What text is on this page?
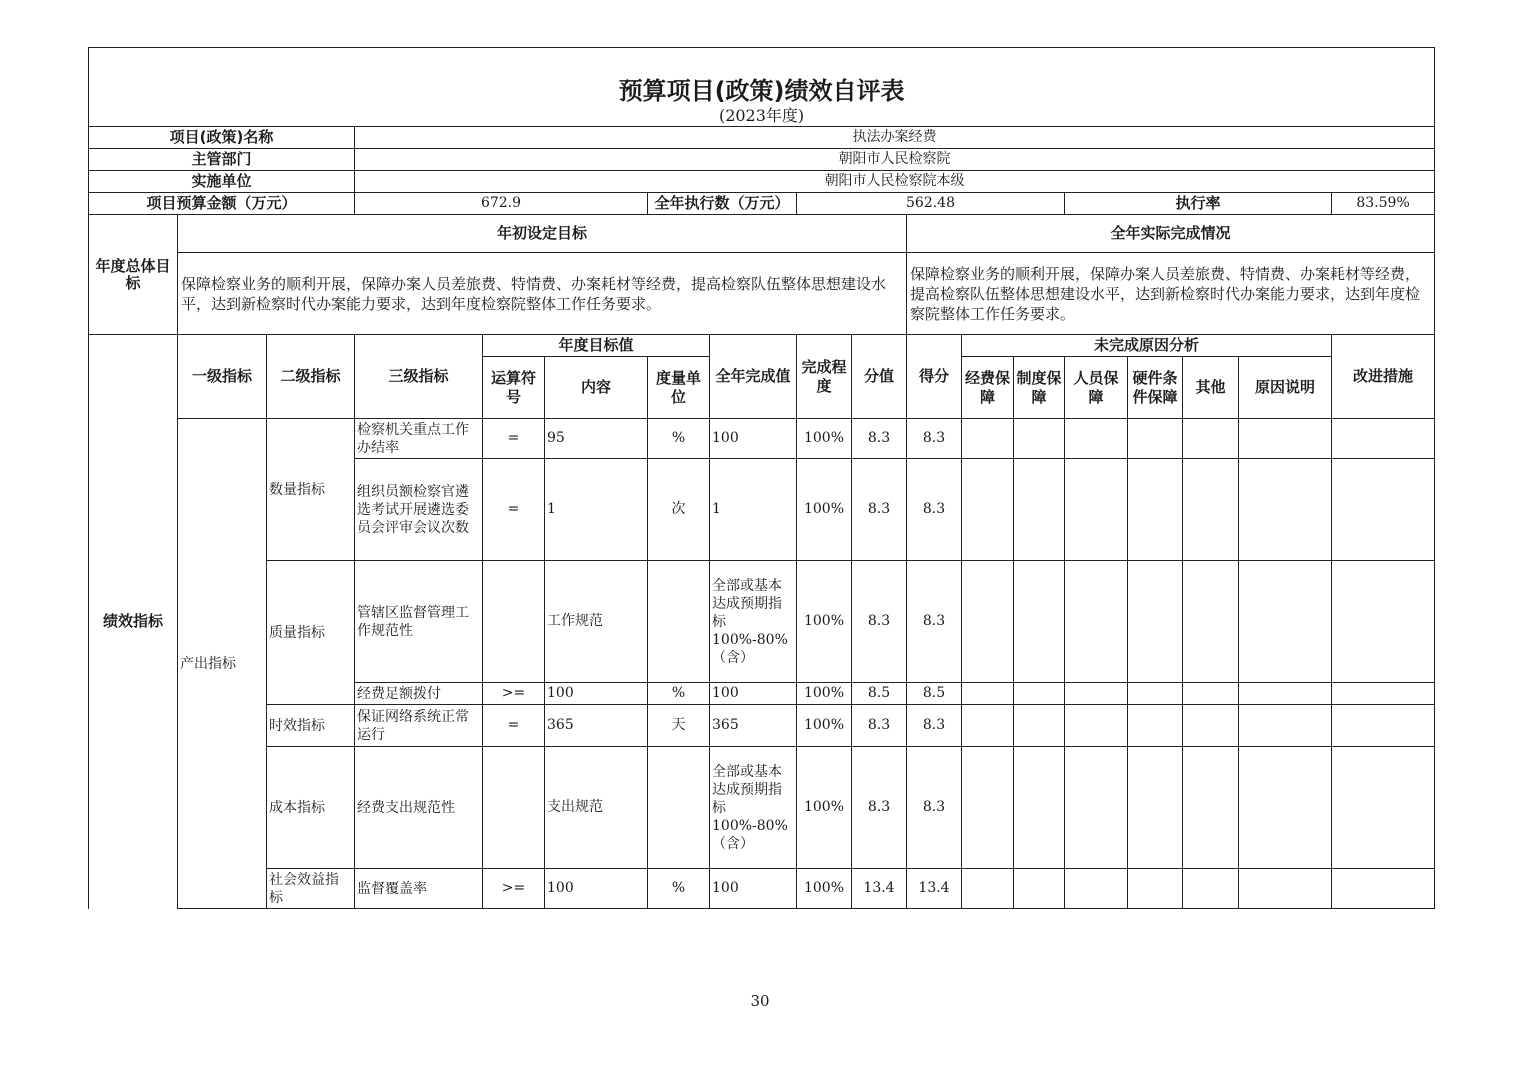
预算项目(政策)绩效自评表																	
(2023年度)																	
项目(政策)名称			执法办案经费														
主管部门			朝阳市人民检察院														
实施单位			朝阳市人民检察院本级														
项目预算金额（万元）			672.9			全年执行数（万元）		562.48					执行率				83.59%
年度总体目标	年初设定目标									全年实际完成情况							
	保障检察业务的顺利开展，保障办案人员差旅费、特情费、办案耗材等经费，提高检察队伍整体思想建设水平，达到新检察时代办案能力要求，达到年度检察院整体工作任务要求。									保障检察业务的顺利开展，保障办案人员差旅费、特情费、办案耗材等经费，提高检察队伍整体思想建设水平，达到新检察时代办案能力要求，达到年度检察院整体工作任务要求。							
绩效指标	一级指标	二级指标	三级指标	年度目标值			全年完成值	完成程度	分值	得分	未完成原因分析						改进措施
				运算符号	内容	度量单位					经费保障	制度保障	人员保障	硬件条件保障	其他	原因说明	
	产出指标	数量指标	检察机关重点工作办结率	=	95	%	100	100%	8.3	8.3							
			组织员额检察官遴选考试开展遴选委员会评审会议次数	=	1	次	1	100%	8.3	8.3							
		质量指标	管辖区监督管理工作规范性		工作规范		全部或基本达成预期指标100%-80%（含）	100%	8.3	8.3							
			经费足额拨付	>=	100	%	100	100%	8.5	8.5							
		时效指标	保证网络系统正常运行	=	365	天	365	100%	8.3	8.3							
		成本指标	经费支出规范性		支出规范		全部或基本达成预期指标100%-80%（含）	100%	8.3	8.3							
		社会效益指标	监督覆盖率	>=	100	%	100	100%	13.4	13.4							
30
